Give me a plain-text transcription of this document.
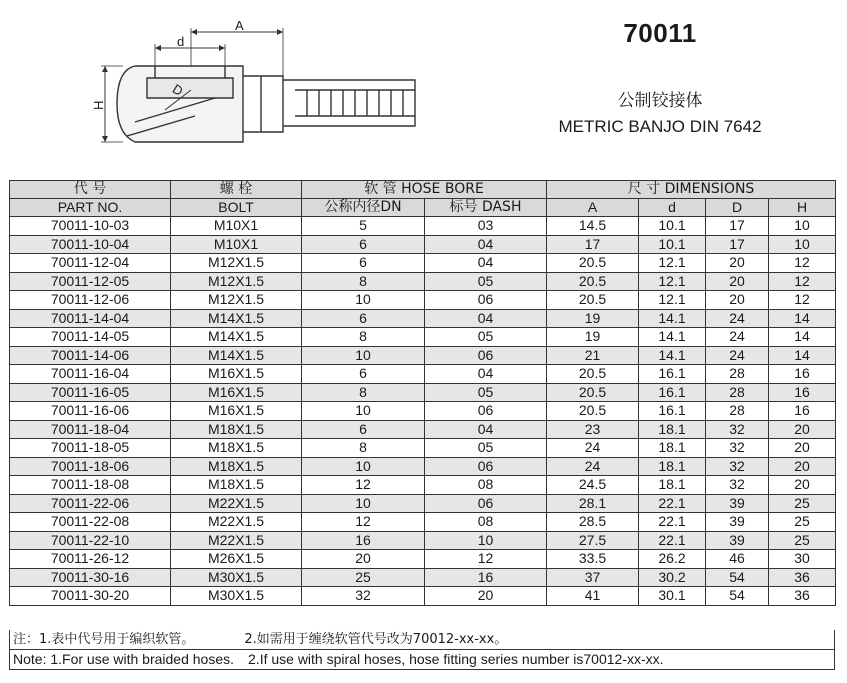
A
d
D
H
70011
公制铰接体
METRIC BANJO DIN 7642
代 号	螺 栓	软 管 HOSE BORE		尺 寸 DIMENSIONS			
PART NO.	BOLT	公称内径DN	标号 DASH	A	d	D	H
70011-10-03	M10X1	5	03	14.5	10.1	17	10
70011-10-04	M10X1	6	04	17	10.1	17	10
70011-12-04	M12X1.5	6	04	20.5	12.1	20	12
70011-12-05	M12X1.5	8	05	20.5	12.1	20	12
70011-12-06	M12X1.5	10	06	20.5	12.1	20	12
70011-14-04	M14X1.5	6	04	19	14.1	24	14
70011-14-05	M14X1.5	8	05	19	14.1	24	14
70011-14-06	M14X1.5	10	06	21	14.1	24	14
70011-16-04	M16X1.5	6	04	20.5	16.1	28	16
70011-16-05	M16X1.5	8	05	20.5	16.1	28	16
70011-16-06	M16X1.5	10	06	20.5	16.1	28	16
70011-18-04	M18X1.5	6	04	23	18.1	32	20
70011-18-05	M18X1.5	8	05	24	18.1	32	20
70011-18-06	M18X1.5	10	06	24	18.1	32	20
70011-18-08	M18X1.5	12	08	24.5	18.1	32	20
70011-22-06	M22X1.5	10	06	28.1	22.1	39	25
70011-22-08	M22X1.5	12	08	28.5	22.1	39	25
70011-22-10	M22X1.5	16	10	27.5	22.1	39	25
70011-26-12	M26X1.5	20	12	33.5	26.2	46	30
70011-30-16	M30X1.5	25	16	37	30.2	54	36
70011-30-20	M30X1.5	32	20	41	30.1	54	36
注：1.表中代号用于编织软管。	2.如需用于缠绕软管代号改为70012-xx-xx。
Note: 1.For use with braided hoses. 2.If use with spiral hoses, hose fitting series number is70012-xx-xx.
